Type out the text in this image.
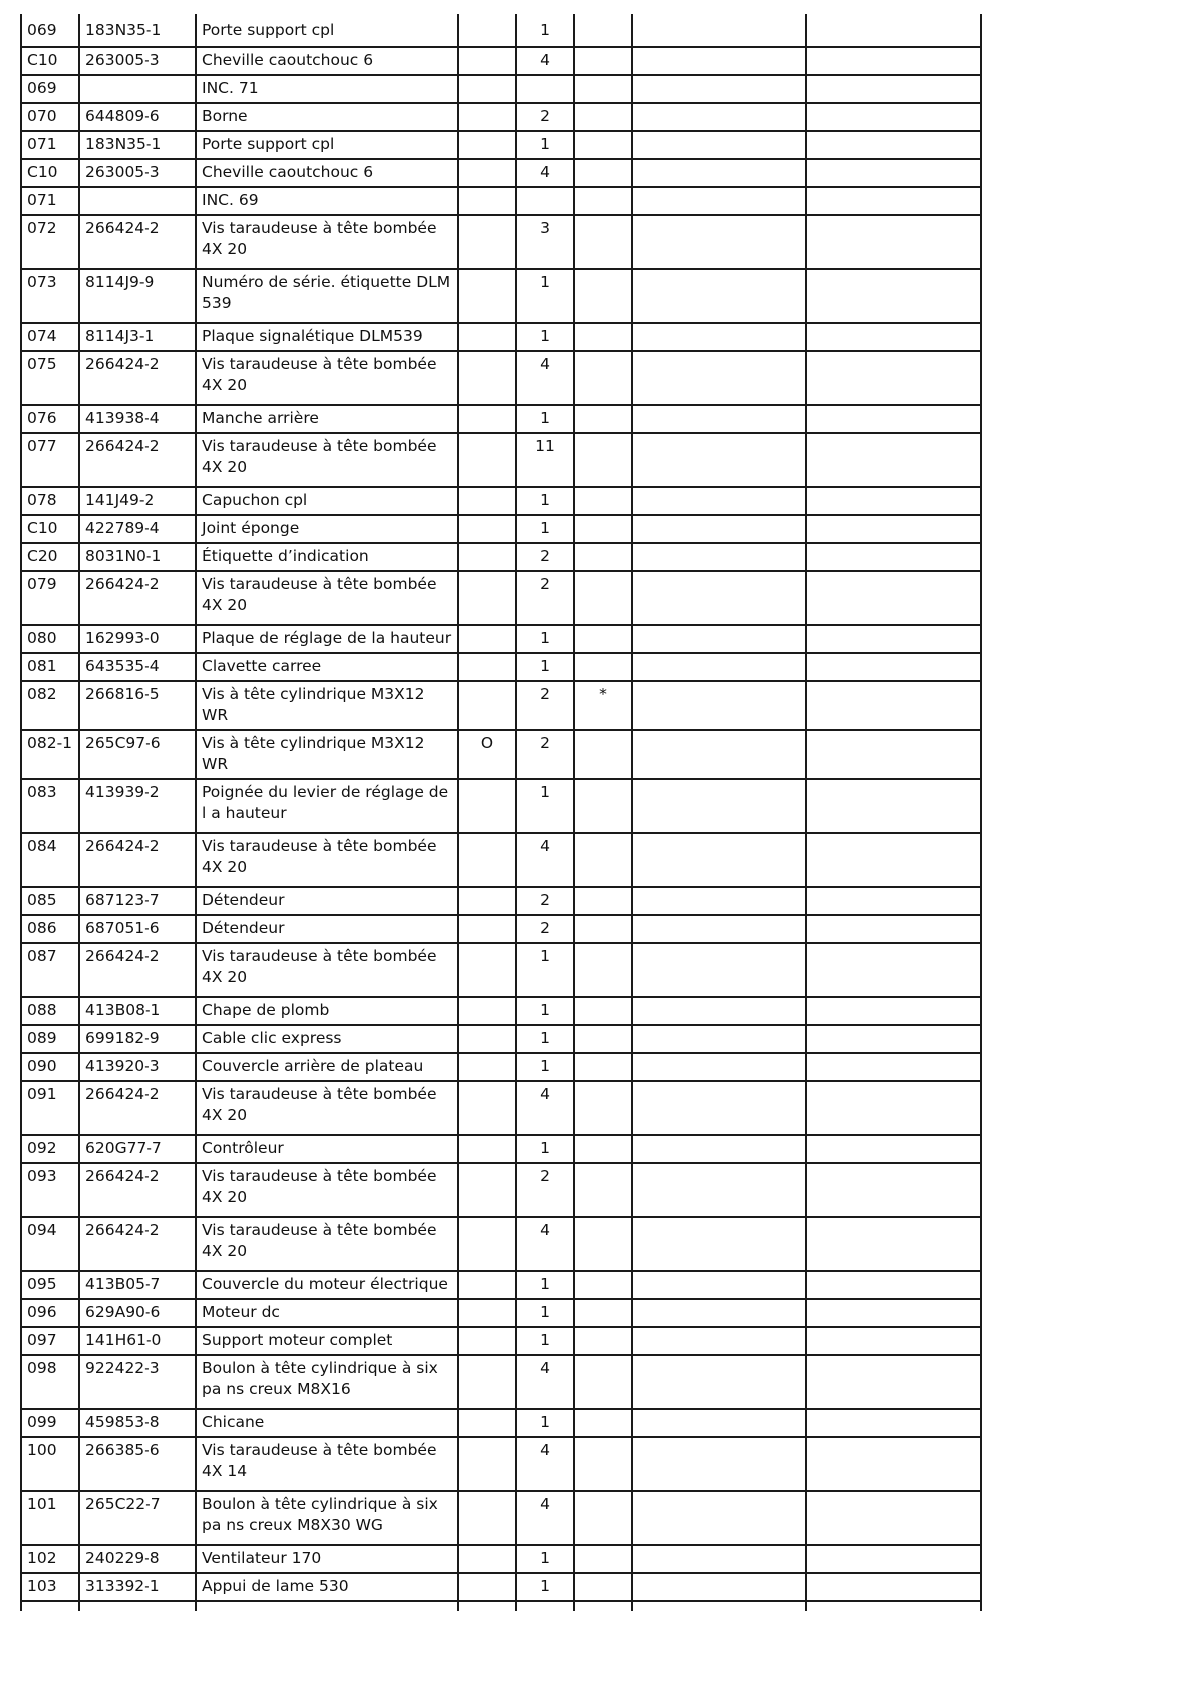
069	183N35-1	Porte support cpl		1			
C10	263005-3	Cheville caoutchouc 6		4			
069		INC. 71					
070	644809-6	Borne		2			
071	183N35-1	Porte support cpl		1			
C10	263005-3	Cheville caoutchouc 6		4			
071		INC. 69					
072	266424-2	Vis taraudeuse à tête bombée 4X 20		3			
073	8114J9-9	Numéro de série. étiquette DLM 539		1			
074	8114J3-1	Plaque signalétique DLM539		1			
075	266424-2	Vis taraudeuse à tête bombée 4X 20		4			
076	413938-4	Manche arrière		1			
077	266424-2	Vis taraudeuse à tête bombée 4X 20		11			
078	141J49-2	Capuchon cpl		1			
C10	422789-4	Joint éponge		1			
C20	8031N0-1	Étiquette d’indication		2			
079	266424-2	Vis taraudeuse à tête bombée 4X 20		2			
080	162993-0	Plaque de réglage de la hauteur		1			
081	643535-4	Clavette carree		1			
082	266816-5	Vis à tête cylindrique M3X12 WR		2	*		
082-1	265C97-6	Vis à tête cylindrique M3X12 WR	O	2			
083	413939-2	Poignée du levier de réglage de l a hauteur		1			
084	266424-2	Vis taraudeuse à tête bombée 4X 20		4			
085	687123-7	Détendeur		2			
086	687051-6	Détendeur		2			
087	266424-2	Vis taraudeuse à tête bombée 4X 20		1			
088	413B08-1	Chape de plomb		1			
089	699182-9	Cable clic express		1			
090	413920-3	Couvercle arrière de plateau		1			
091	266424-2	Vis taraudeuse à tête bombée 4X 20		4			
092	620G77-7	Contrôleur		1			
093	266424-2	Vis taraudeuse à tête bombée 4X 20		2			
094	266424-2	Vis taraudeuse à tête bombée 4X 20		4			
095	413B05-7	Couvercle du moteur électrique		1			
096	629A90-6	Moteur dc		1			
097	141H61-0	Support moteur complet		1			
098	922422-3	Boulon à tête cylindrique à six pa ns creux M8X16		4			
099	459853-8	Chicane		1			
100	266385-6	Vis taraudeuse à tête bombée 4X 14		4			
101	265C22-7	Boulon à tête cylindrique à six pa ns creux M8X30 WG		4			
102	240229-8	Ventilateur 170		1			
103	313392-1	Appui de lame 530		1			
